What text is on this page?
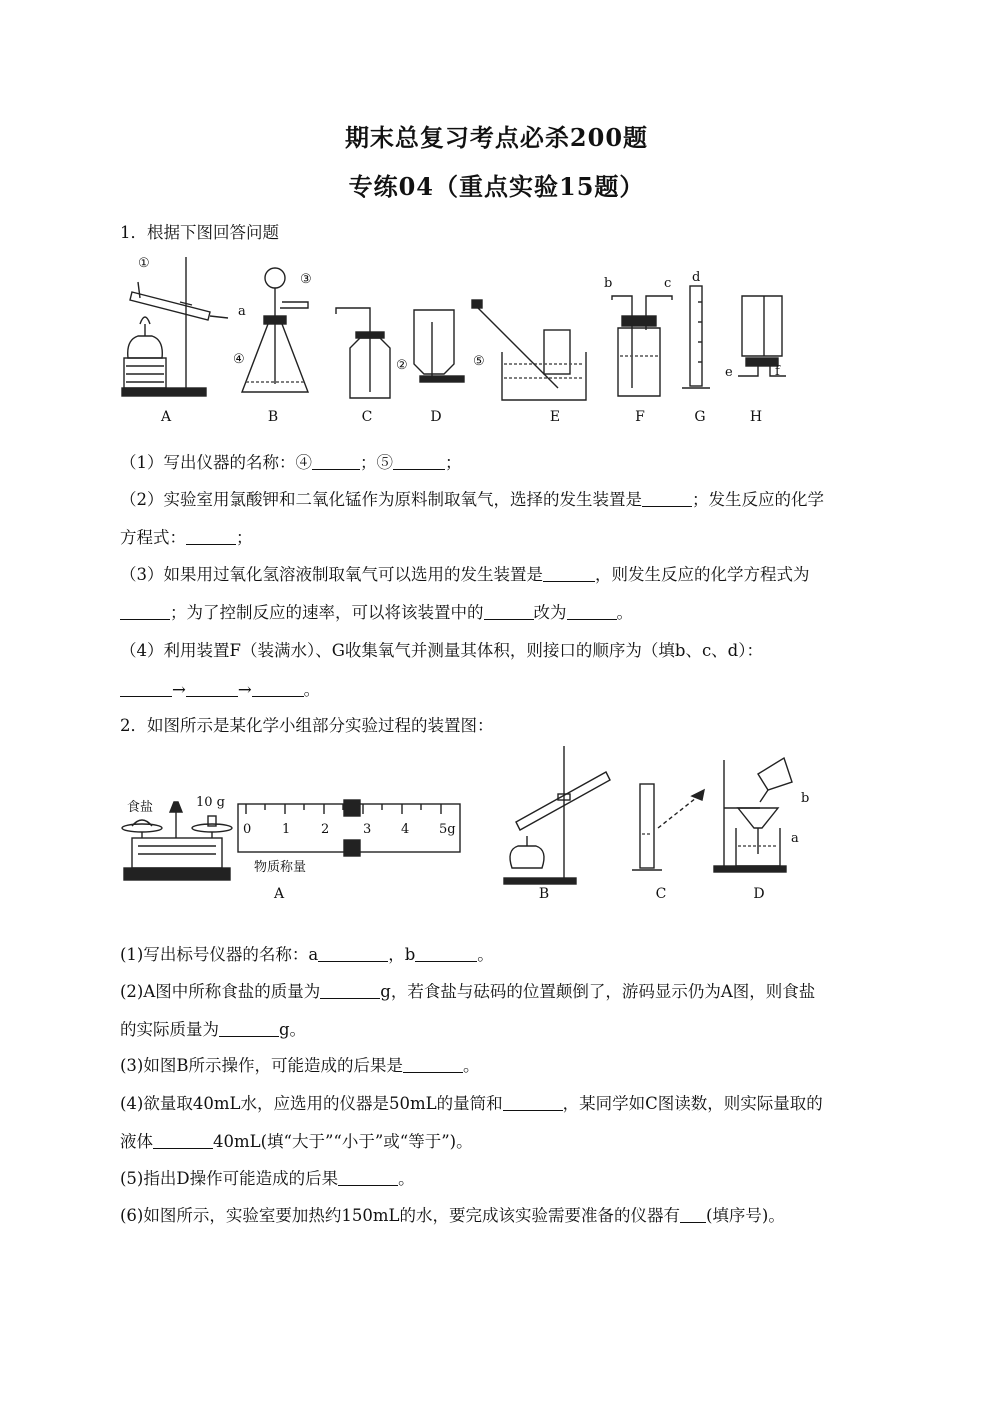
期末总复习考点必杀200题
专练04（重点实验15题）
1．根据下图回答问题
①
a
③
④	②	⑤
b	c d
e	f
A	B	C	D	E	F	G	H
（1）写出仪器的名称：④	；⑤	；
（2）实验室用氯酸钾和二氧化锰作为原料制取氧气，选择的发生装置是	；发生反应的化学
方程式：	；
（3）如果用过氧化氢溶液制取氧气可以选用的发生装置是	，则发生反应的化学方程式为
；为了控制反应的速率，可以将该装置中的	改为	。
（4）利用装置F（装满水）、G收集氧气并测量其体积，则接口的顺序为（填b、c、d）：
→	→	。
2．如图所示是某化学小组部分实验过程的装置图：
食盐	10 g
0 1 2	3 4 5g
物质称量
b
a
A	B	C	D
(1)写出标号仪器的名称：a	，b	。
(2)A图中所称食盐的质量为	g，若食盐与砝码的位置颠倒了，游码显示仍为A图，则食盐
的实际质量为	g。
(3)如图B所示操作，可能造成的后果是	。
(4)欲量取40mL水，应选用的仪器是50mL的量筒和	，某同学如C图读数，则实际量取的
液体	40mL(填“大于”“小于”或“等于”)。
(5)指出D操作可能造成的后果	。
(6)如图所示，实验室要加热约150mL的水，要完成该实验需要准备的仪器有 (填序号)。
